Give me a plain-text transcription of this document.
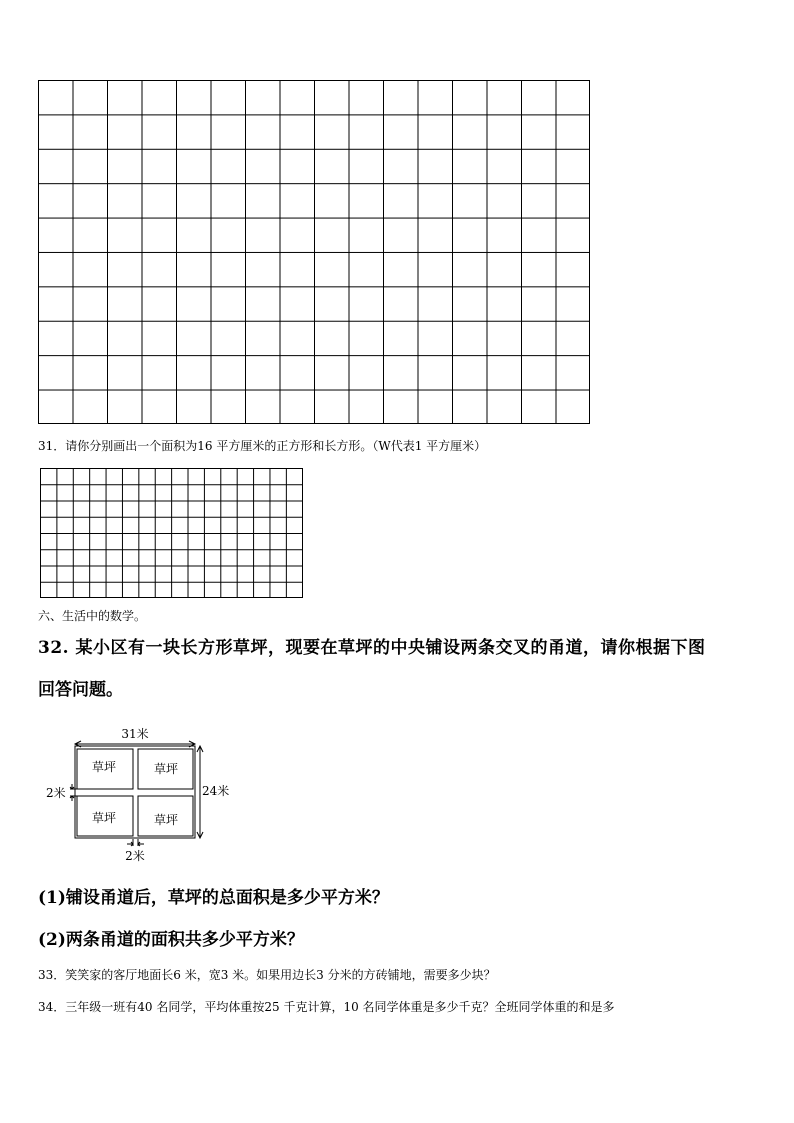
31．请你分别画出一个面积为16 平方厘米的正方形和长方形。（W代表1 平方厘米）
六、生活中的数学。
32. 某小区有一块长方形草坪，现要在草坪的中央铺设两条交叉的甬道，请你根据下图
回答问题。
31米
24米
草坪	草坪
草坪	草坪
2米
2米
(1)铺设甬道后，草坪的总面积是多少平方米？
(2)两条甬道的面积共多少平方米？
33．笑笑家的客厅地面长6 米，宽3 米。如果用边长3 分米的方砖铺地，需要多少块？
34．三年级一班有40 名同学，平均体重按25 千克计算，10 名同学体重是多少千克？全班同学体重的和是多
